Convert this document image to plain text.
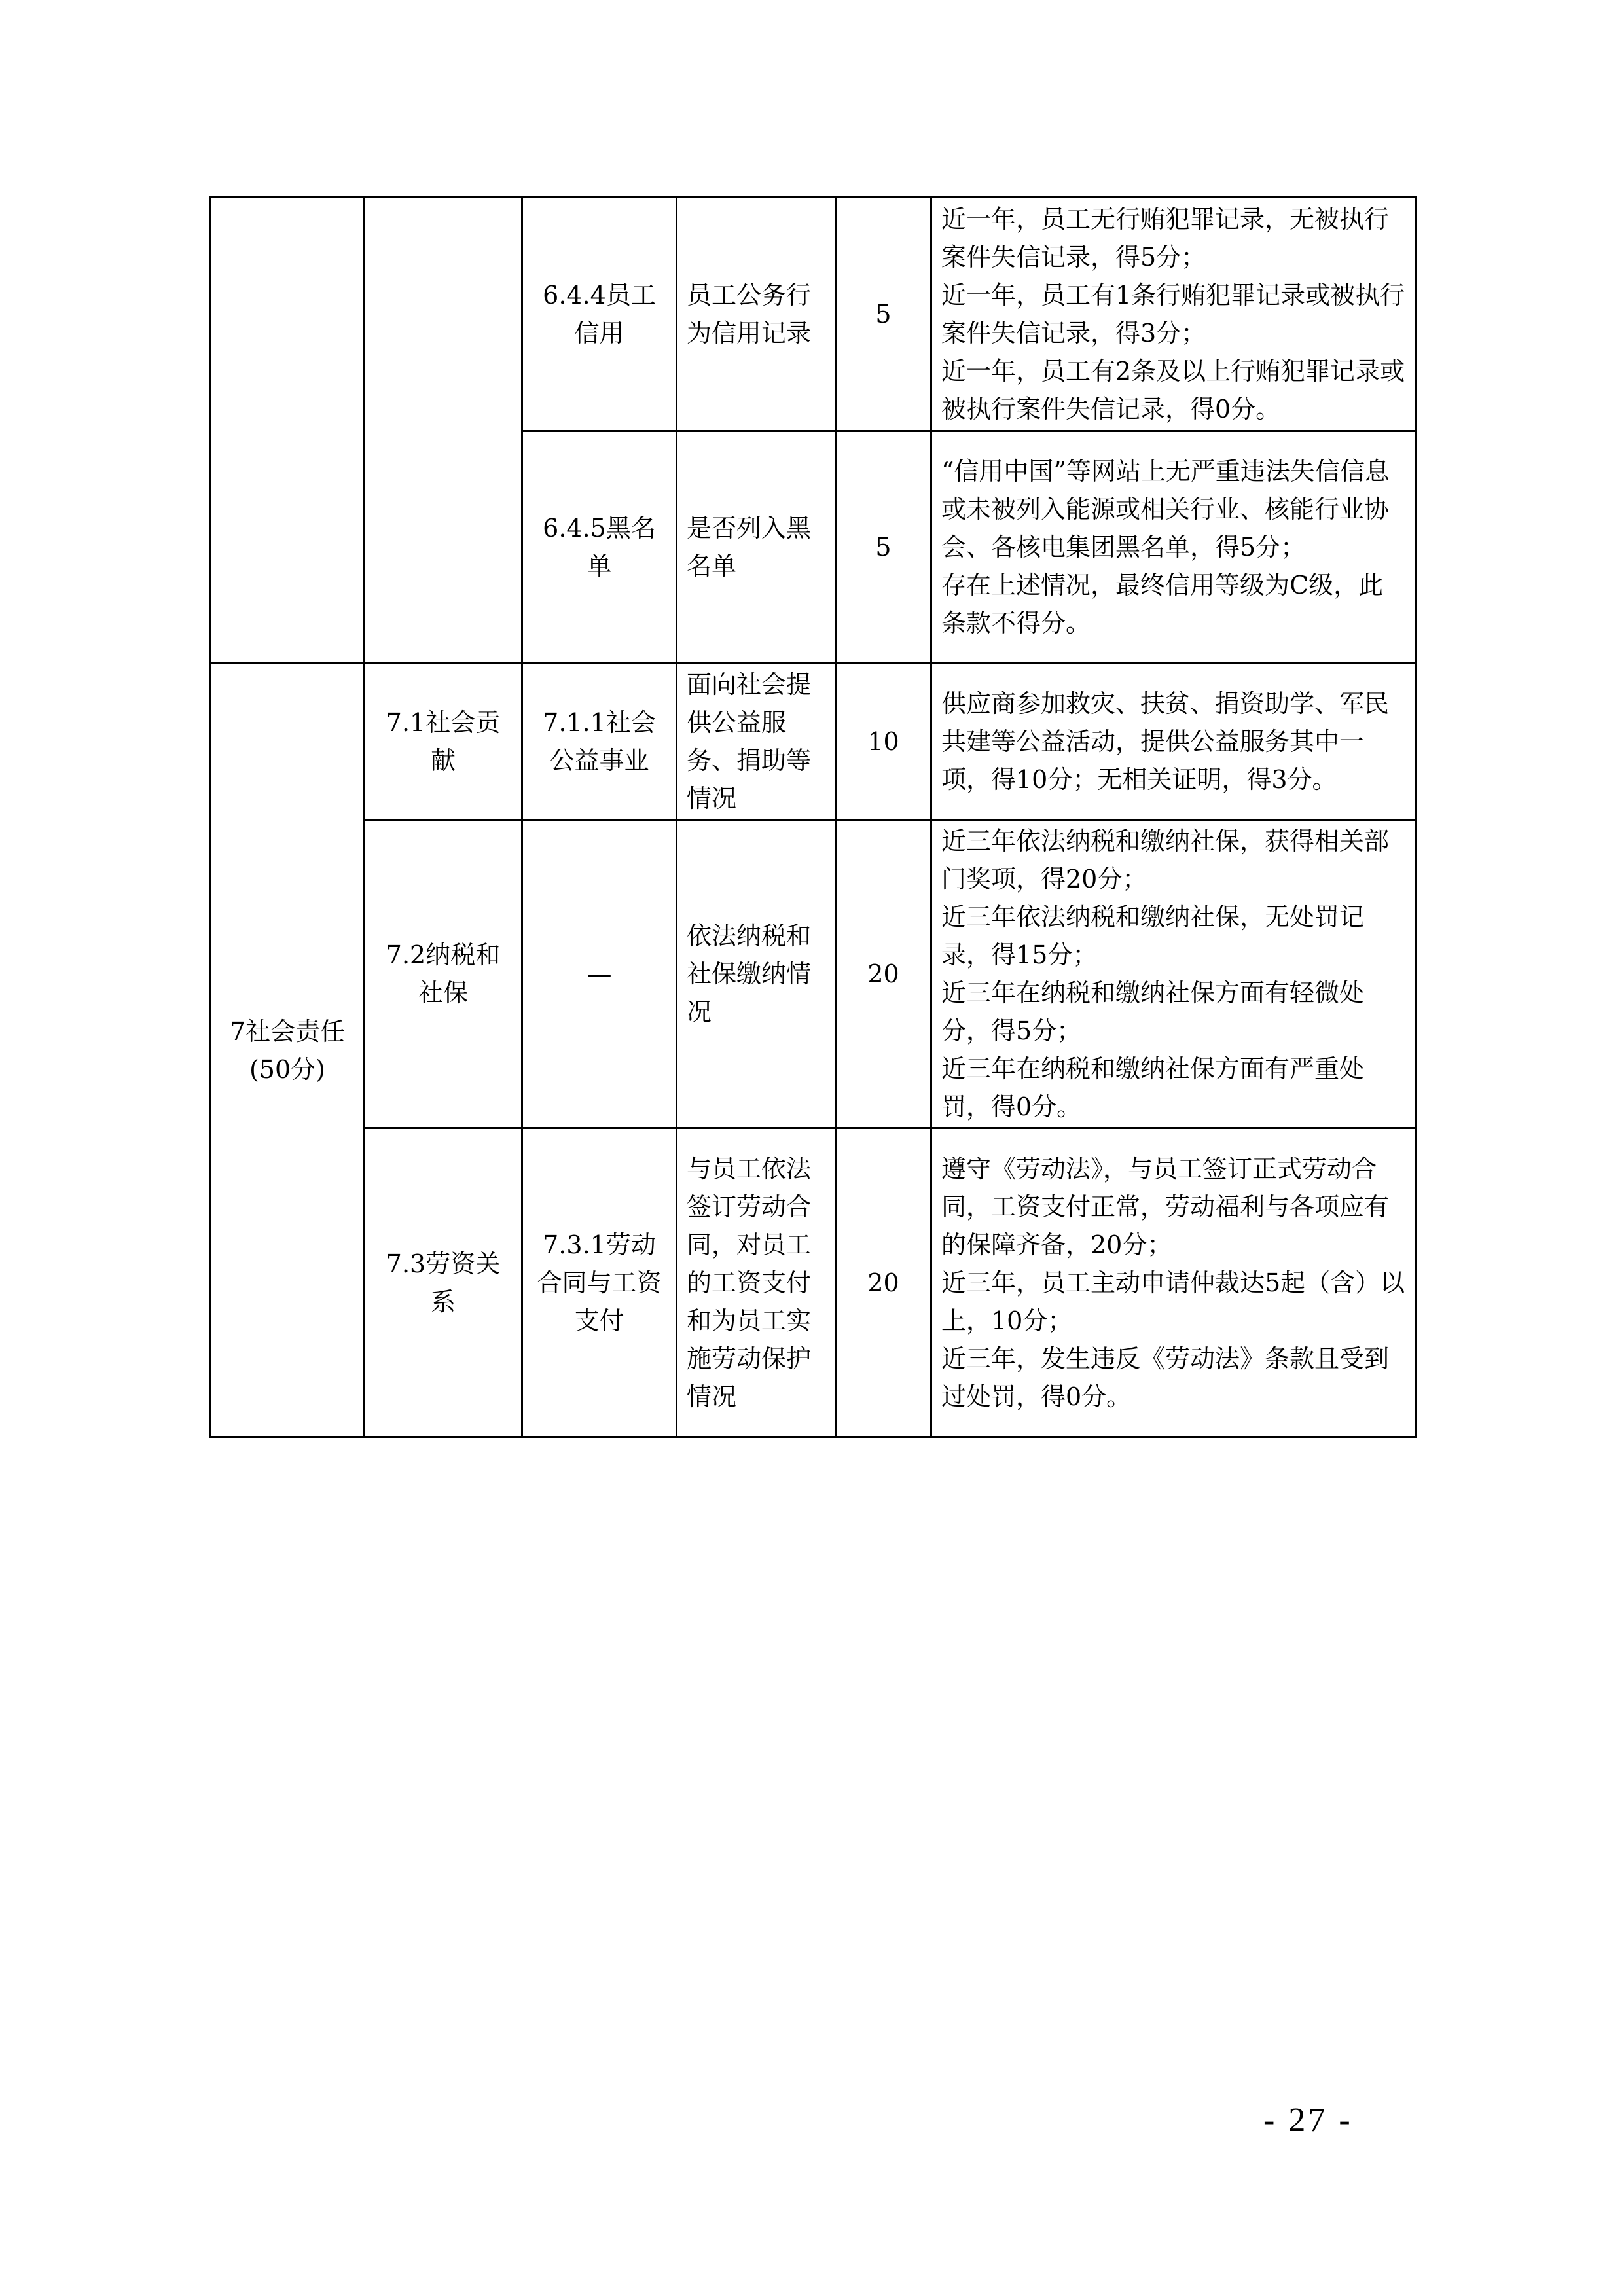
		6.4.4员工信用	员工公务行为信用记录	5	近一年，员工无行贿犯罪记录，无被执行案件失信记录，得5分；
近一年，员工有1条行贿犯罪记录或被执行案件失信记录，得3分；
近一年，员工有2条及以上行贿犯罪记录或被执行案件失信记录，得0分。

		6.4.5黑名单	是否列入黑名单	5	“信用中国”等网站上无严重违法失信信息或未被列入能源或相关行业、核能行业协会、各核电集团黑名单，得5分；
存在上述情况，最终信用等级为C级，此条款不得分。

7社会责任(50分)	7.1社会贡献	7.1.1社会公益事业	面向社会提供公益服务、捐助等情况	10	供应商参加救灾、扶贫、捐资助学、军民共建等公益活动，提供公益服务其中一项，得10分；无相关证明，得3分。

	7.2纳税和社保	—	依法纳税和社保缴纳情况	20	近三年依法纳税和缴纳社保，获得相关部门奖项，得20分；
近三年依法纳税和缴纳社保，无处罚记录，得15分；
近三年在纳税和缴纳社保方面有轻微处分，得5分；
近三年在纳税和缴纳社保方面有严重处罚，得0分。

	7.3劳资关系	7.3.1劳动合同与工资支付	与员工依法签订劳动合同，对员工的工资支付和为员工实施劳动保护情况	20	遵守《劳动法》，与员工签订正式劳动合同，工资支付正常，劳动福利与各项应有的保障齐备，20分；
近三年，员工主动申请仲裁达5起（含）以上，10分；
近三年，发生违反《劳动法》条款且受到过处罚，得0分。
- 27 -
